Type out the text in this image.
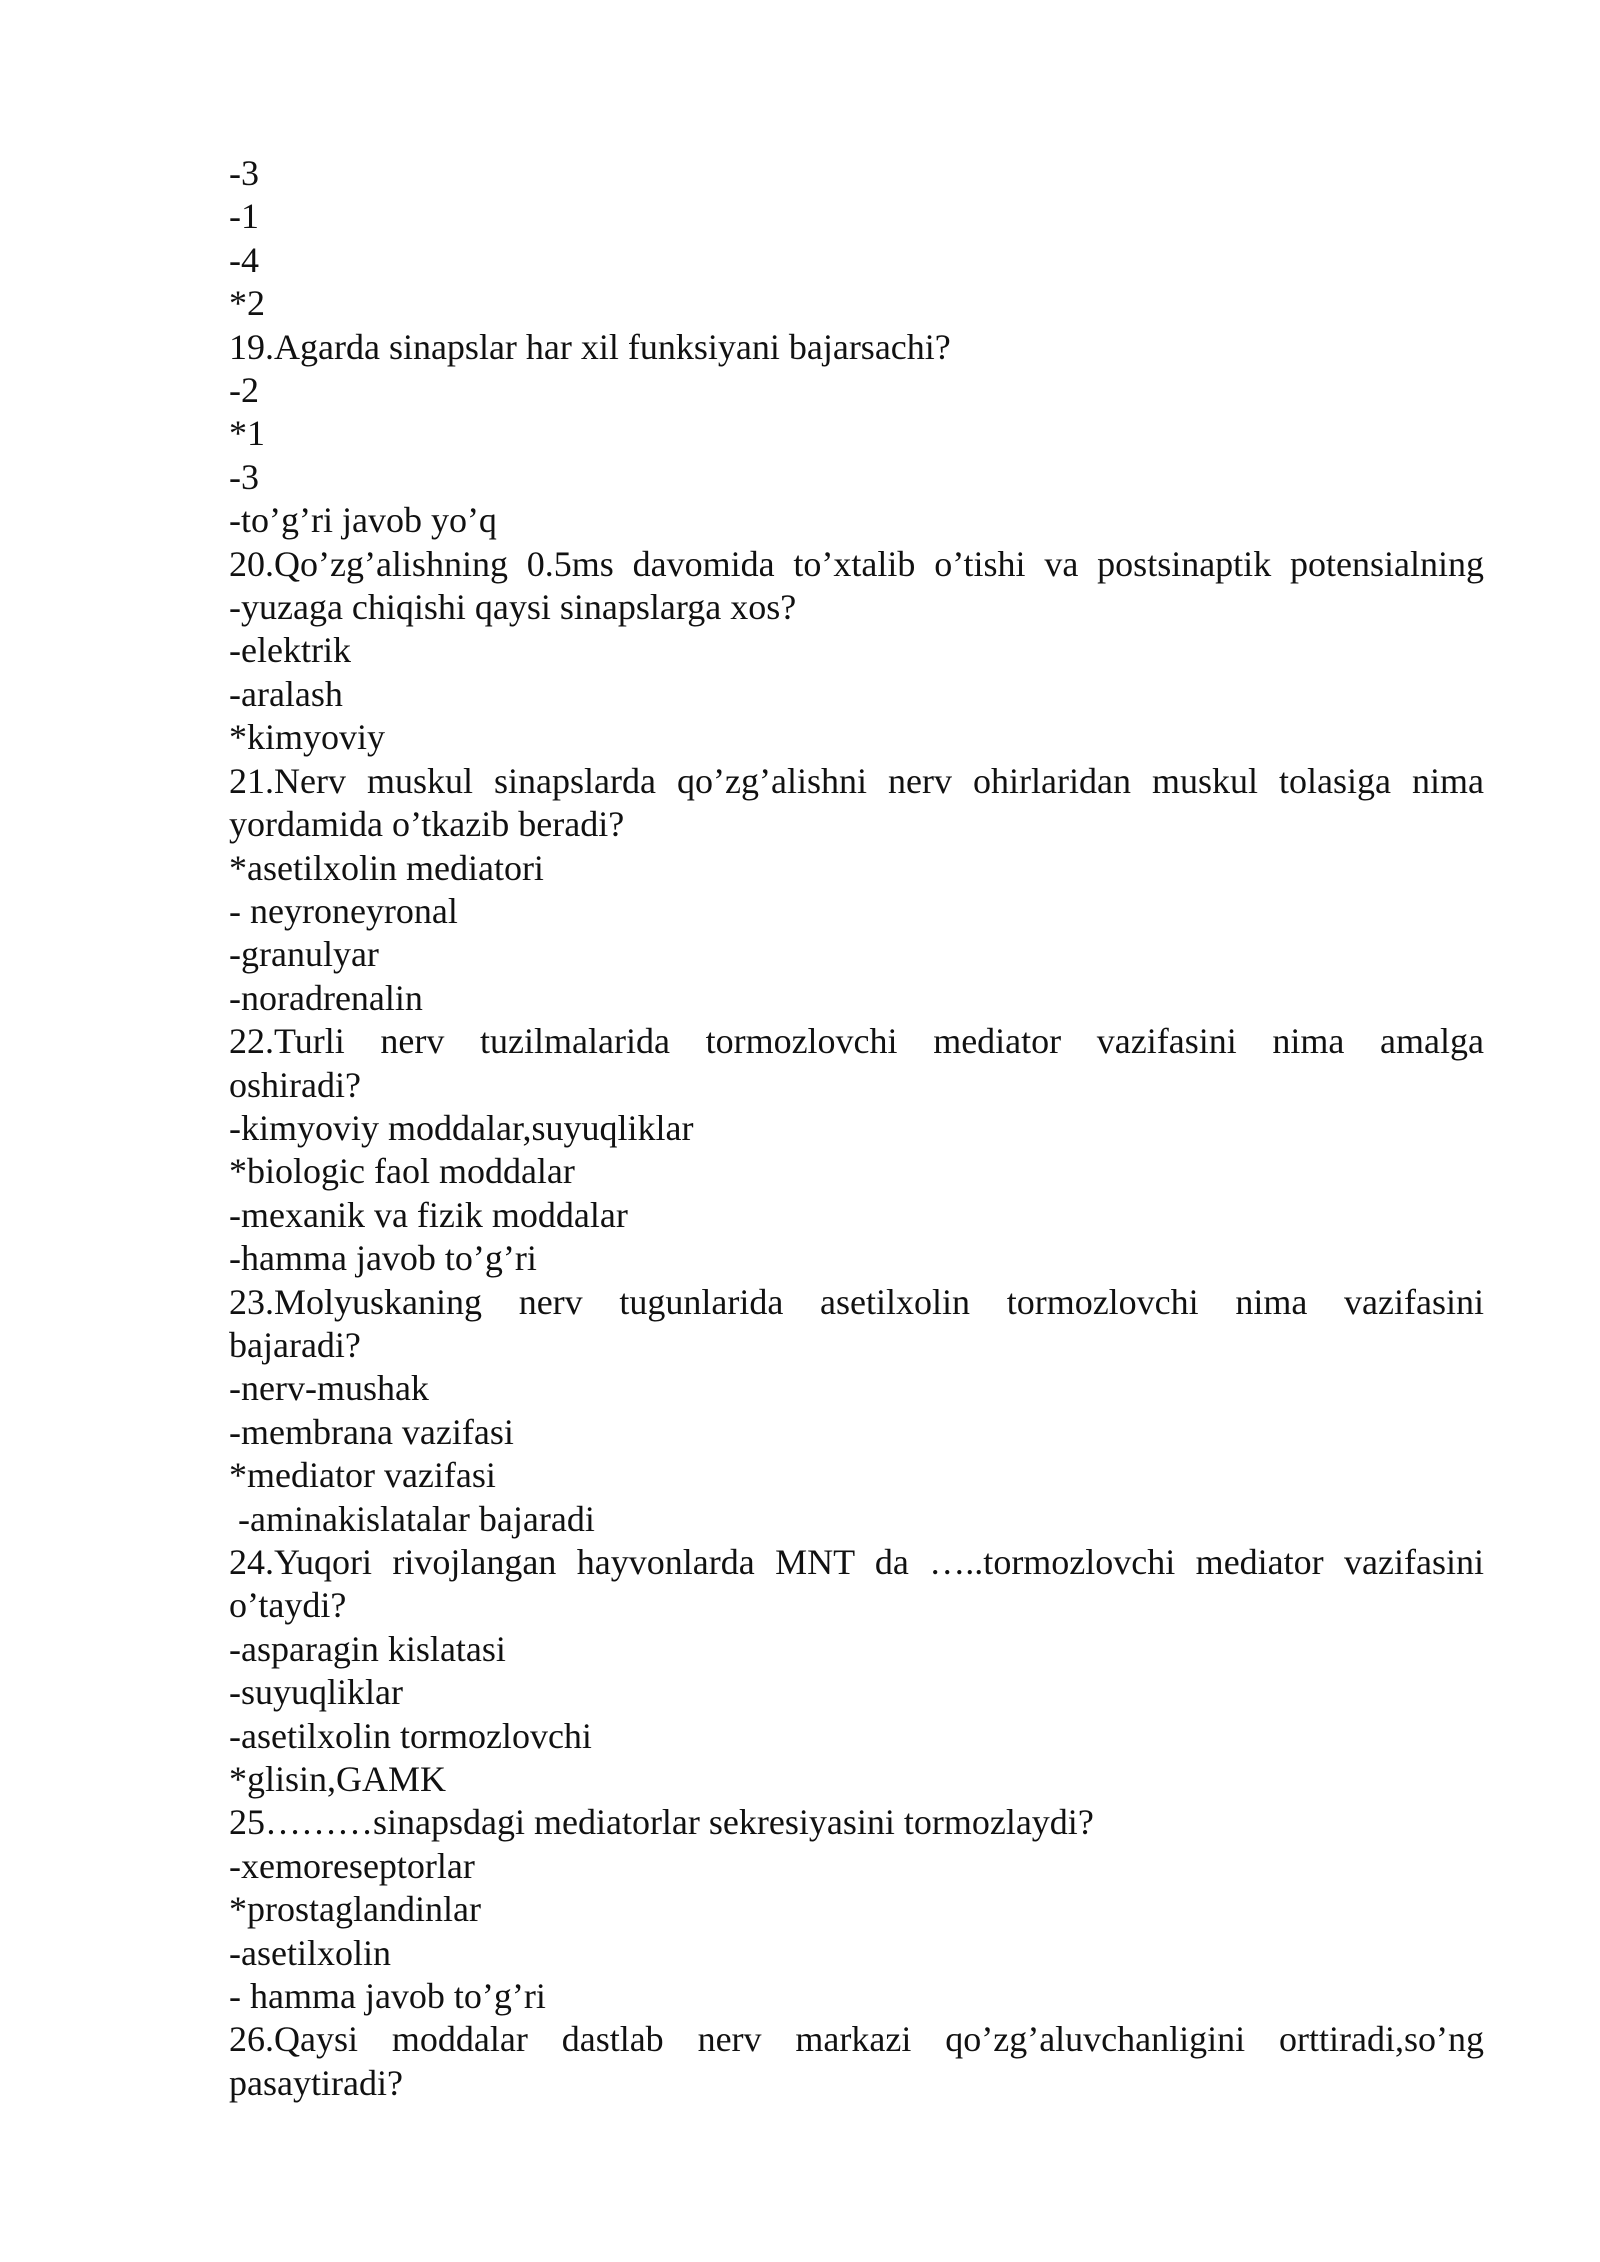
-3

-1

-4

*2

19.Agarda sinapslar har xil funksiyani bajarsachi?

-2

*1

-3

-to’g’ri javob yo’q

20.Qo’zg’alishning 0.5ms davomida to’xtalib o’tishi va postsinaptik potensialning

-yuzaga chiqishi qaysi sinapslarga xos?

-elektrik

-aralash

*kimyoviy

21.Nerv muskul sinapslarda qo’zg’alishni nerv ohirlaridan muskul tolasiga nima

yordamida o’tkazib beradi?

*asetilxolin mediatori

- neyroneyronal

-granulyar

-noradrenalin

22.Turli nerv tuzilmalarida tormozlovchi mediator vazifasini nima amalga

oshiradi?

-kimyoviy moddalar,suyuqliklar

*biologic faol moddalar

-mexanik va fizik moddalar

-hamma javob to’g’ri

23.Molyuskaning nerv tugunlarida asetilxolin tormozlovchi nima vazifasini

bajaradi?

-nerv-mushak

-membrana vazifasi

*mediator vazifasi

-aminakislatalar bajaradi

24.Yuqori rivojlangan hayvonlarda MNT da …..tormozlovchi mediator vazifasini

o’taydi?

-asparagin kislatasi

-suyuqliklar

-asetilxolin tormozlovchi

*glisin,GAMK

25………sinapsdagi mediatorlar sekresiyasini tormozlaydi?

-xemoreseptorlar

*prostaglandinlar

-asetilxolin

- hamma javob to’g’ri

26.Qaysi moddalar dastlab nerv markazi qo’zg’aluvchanligini orttiradi,so’ng

pasaytiradi?
